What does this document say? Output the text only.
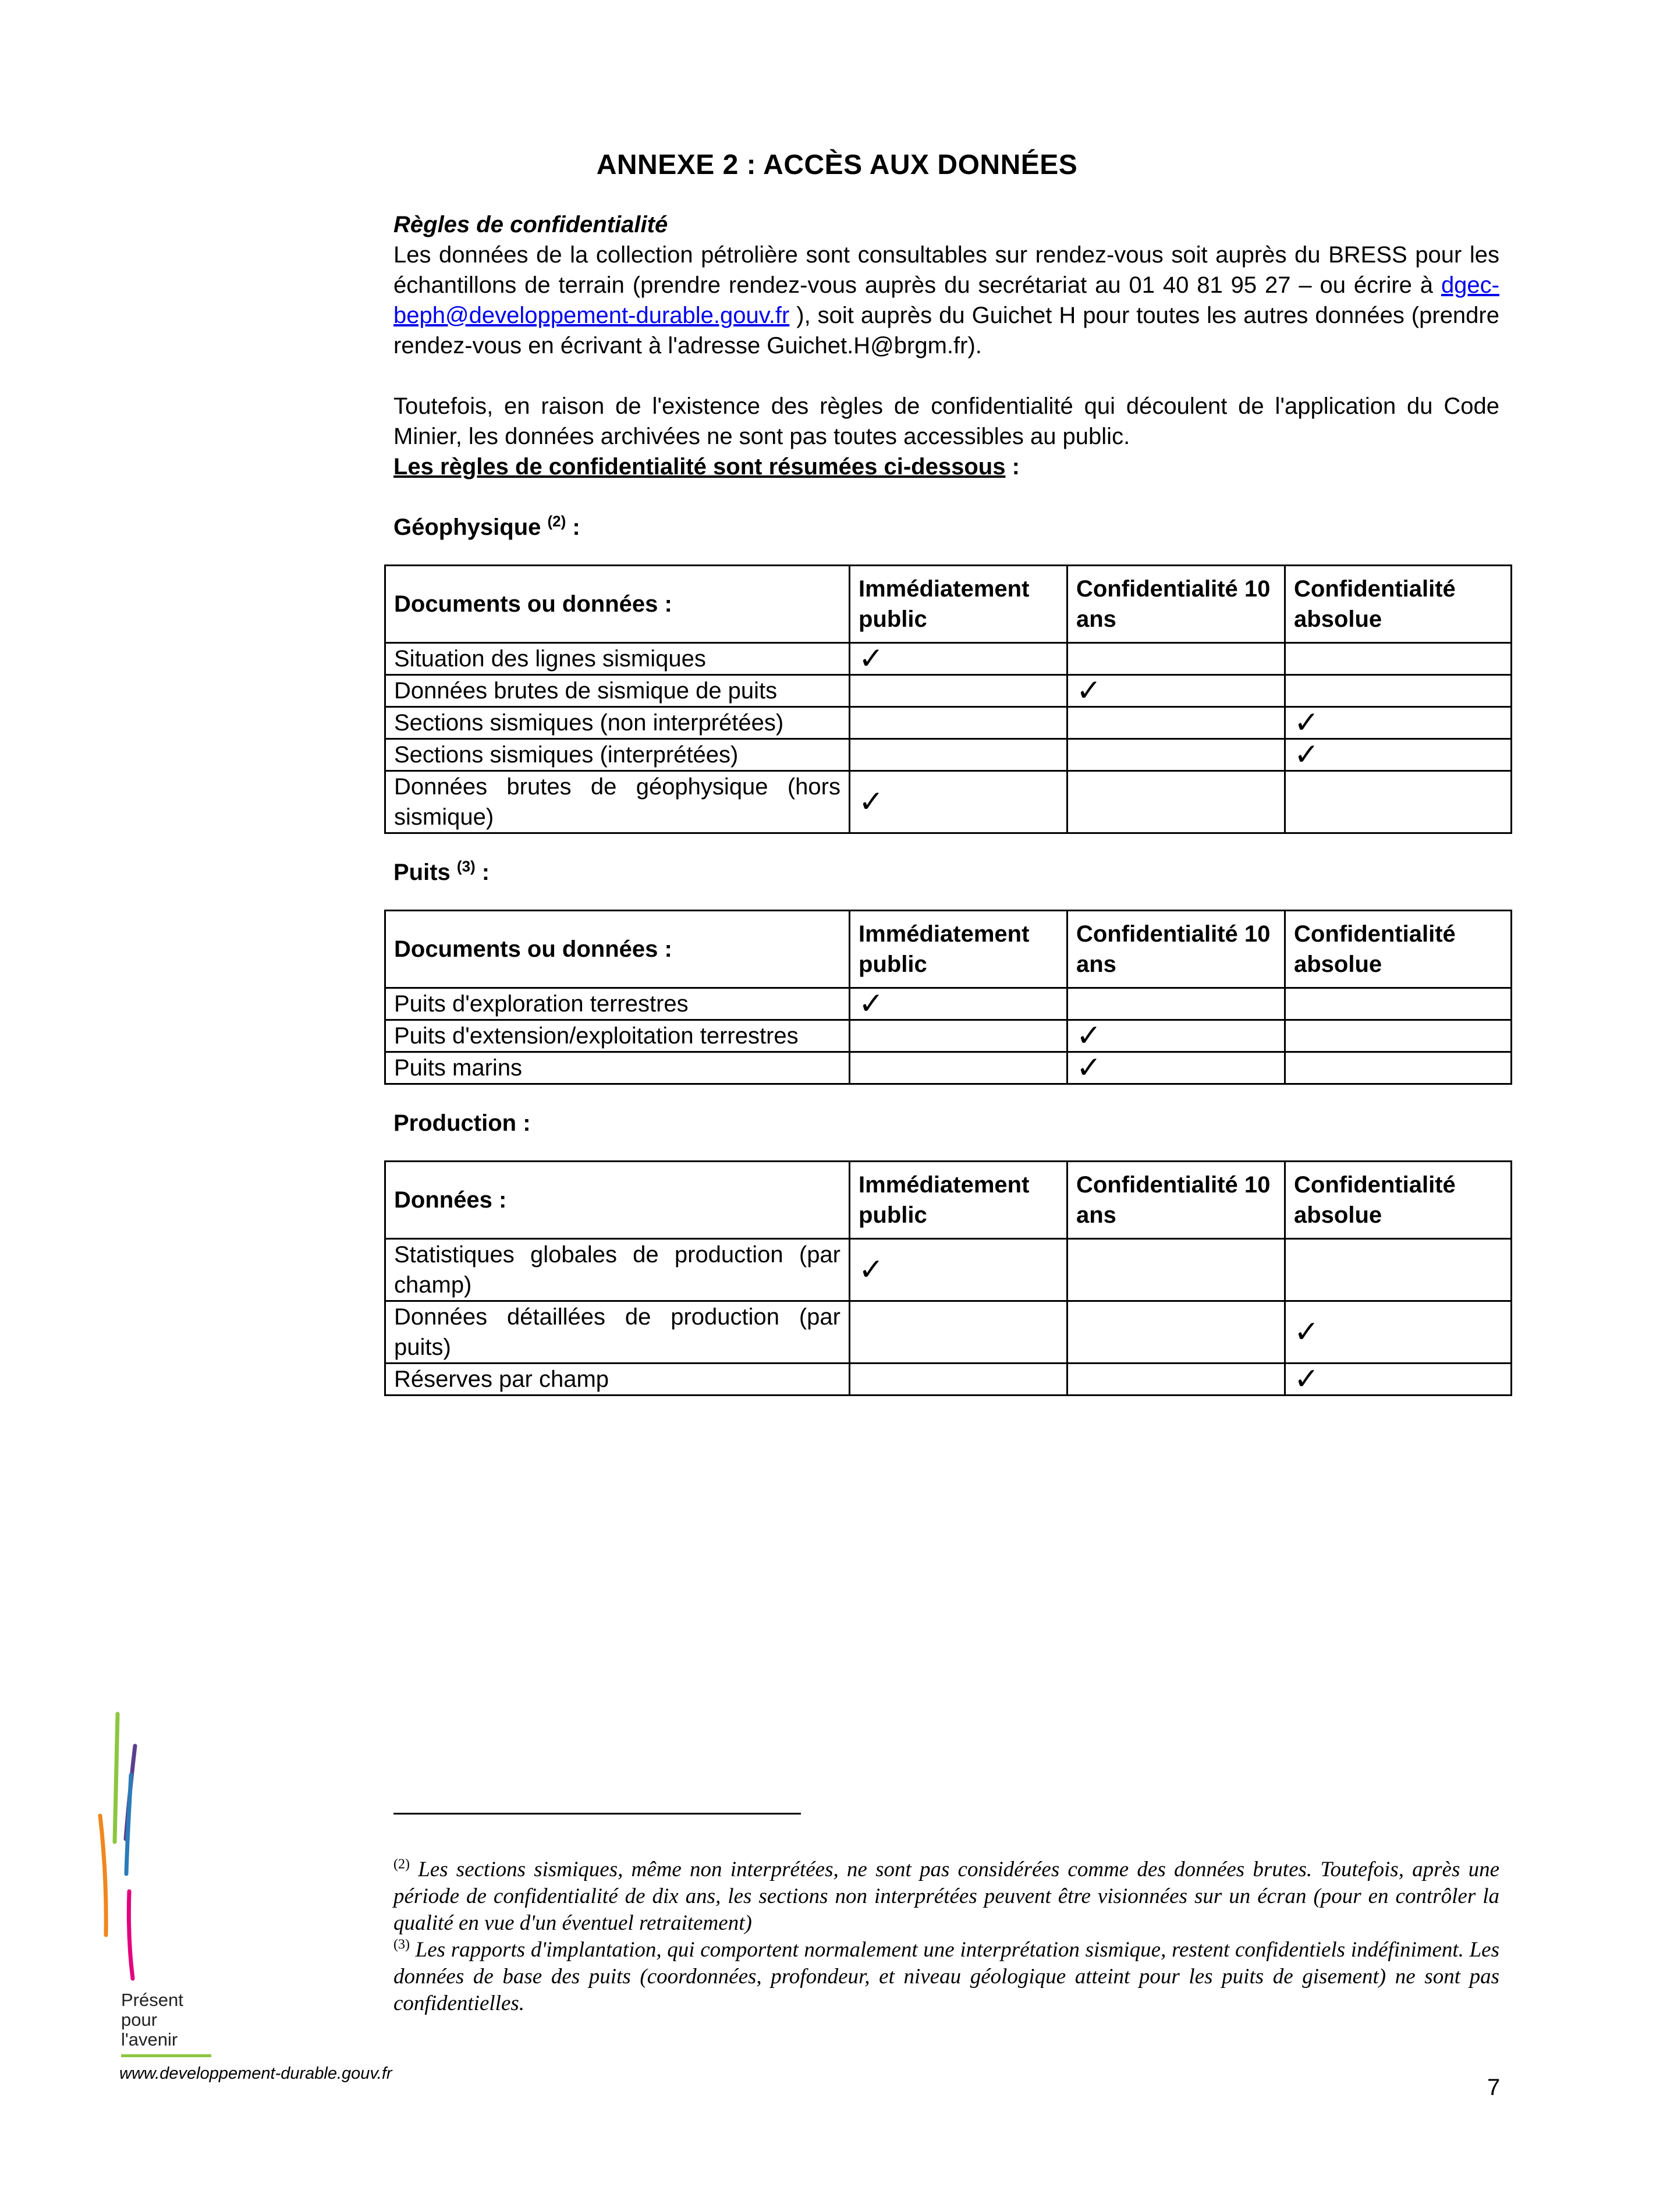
ANNEXE 2 : ACCÈS AUX DONNÉES

Règles de confidentialité

Les données de la collection pétrolière sont consultables sur rendez-vous soit auprès du BRESS pour les échantillons de terrain (prendre rendez-vous auprès du secrétariat au 01 40 81 95 27 – ou écrire à dgec-beph@developpement-durable.gouv.fr ), soit auprès du Guichet H pour toutes les autres données (prendre rendez-vous en écrivant à l'adresse Guichet.H@brgm.fr).

Toutefois, en raison de l'existence des règles de confidentialité qui découlent de l'application du Code Minier, les données archivées ne sont pas toutes accessibles au public.

Les règles de confidentialité sont résumées ci-dessous :

Géophysique $^{(2)}$ :

Documents ou données :	Immédiatement public	Confidentialité 10 ans	Confidentialité absolue
Situation des lignes sismiques	✓		
Données brutes de sismique de puits		✓	
Sections sismiques (non interprétées)			✓
Sections sismiques (interprétées)			✓
Données brutes de géophysique (hors sismique)	✓		

Puits $^{(3)}$ :

Documents ou données :	Immédiatement public	Confidentialité 10 ans	Confidentialité absolue
Puits d'exploration terrestres	✓		
Puits d'extension/exploitation terrestres		✓	
Puits marins		✓	

Production :

Données :	Immédiatement public	Confidentialité 10 ans	Confidentialité absolue
Statistiques globales de production (par champ)	✓		
Données détaillées de production (par puits)			✓
Réserves par champ			✓

$^{(2)}$ Les sections sismiques, même non interprétées, ne sont pas considérées comme des données brutes. Toutefois, après une période de confidentialité de dix ans, les sections non interprétées peuvent être visionnées sur un écran (pour en contrôler la qualité en vue d'un éventuel retraitement)

$^{(3)}$ Les rapports d'implantation, qui comportent normalement une interprétation sismique, restent confidentiels indéfiniment. Les données de base des puits (coordonnées, profondeur, et niveau géologique atteint pour les puits de gisement) ne sont pas confidentielles.

Présent
pour
l'avenir
www.developpement-durable.gouv.fr
7
